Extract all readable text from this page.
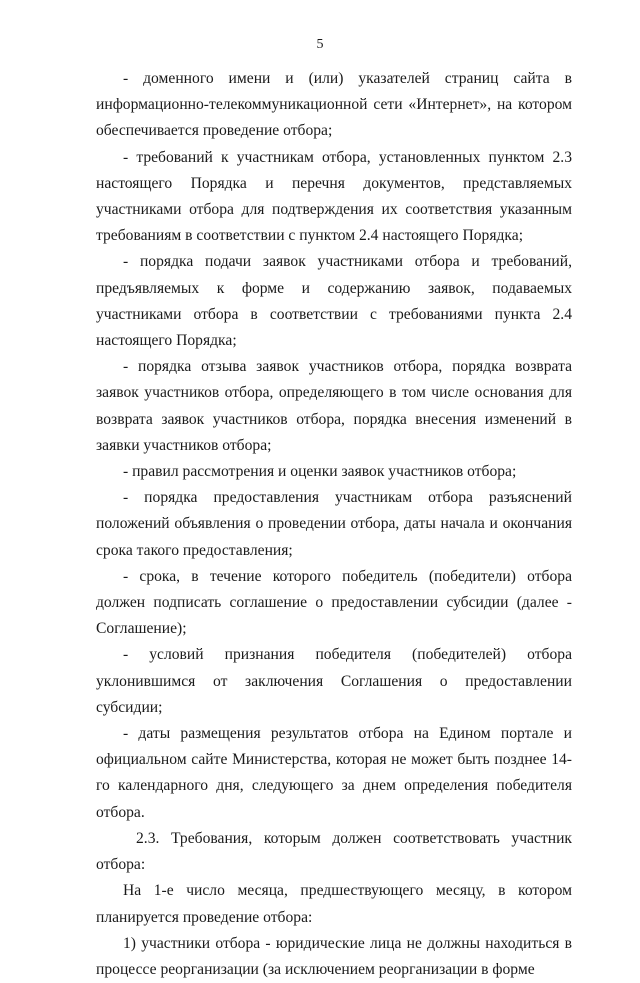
5

- доменного имени и (или) указателей страниц сайта в информационно-телекоммуникационной сети «Интернет», на котором обеспечивается проведение отбора;

- требований к участникам отбора, установленных пунктом 2.3 настоящего Порядка и перечня документов, представляемых участниками отбора для подтверждения их соответствия указанным требованиям в соответствии с пунктом 2.4 настоящего Порядка;

- порядка подачи заявок участниками отбора и требований, предъявляемых к форме и содержанию заявок, подаваемых участниками отбора в соответствии с требованиями пункта 2.4 настоящего Порядка;

- порядка отзыва заявок участников отбора, порядка возврата заявок участников отбора, определяющего в том числе основания для возврата заявок участников отбора, порядка внесения изменений в заявки участников отбора;

- правил рассмотрения и оценки заявок участников отбора;

- порядка предоставления участникам отбора разъяснений положений объявления о проведении отбора, даты начала и окончания срока такого предоставления;

- срока, в течение которого победитель (победители) отбора должен подписать соглашение о предоставлении субсидии (далее - Соглашение);

- условий признания победителя (победителей) отбора уклонившимся от заключения Соглашения о предоставлении субсидии;

- даты размещения результатов отбора на Едином портале и официальном сайте Министерства, которая не может быть позднее 14-го календарного дня, следующего за днем определения победителя отбора.

2.3. Требования, которым должен соответствовать участник отбора:

На 1-е число месяца, предшествующего месяцу, в котором планируется проведение отбора:

1) участники отбора - юридические лица не должны находиться в процессе реорганизации (за исключением реорганизации в форме
